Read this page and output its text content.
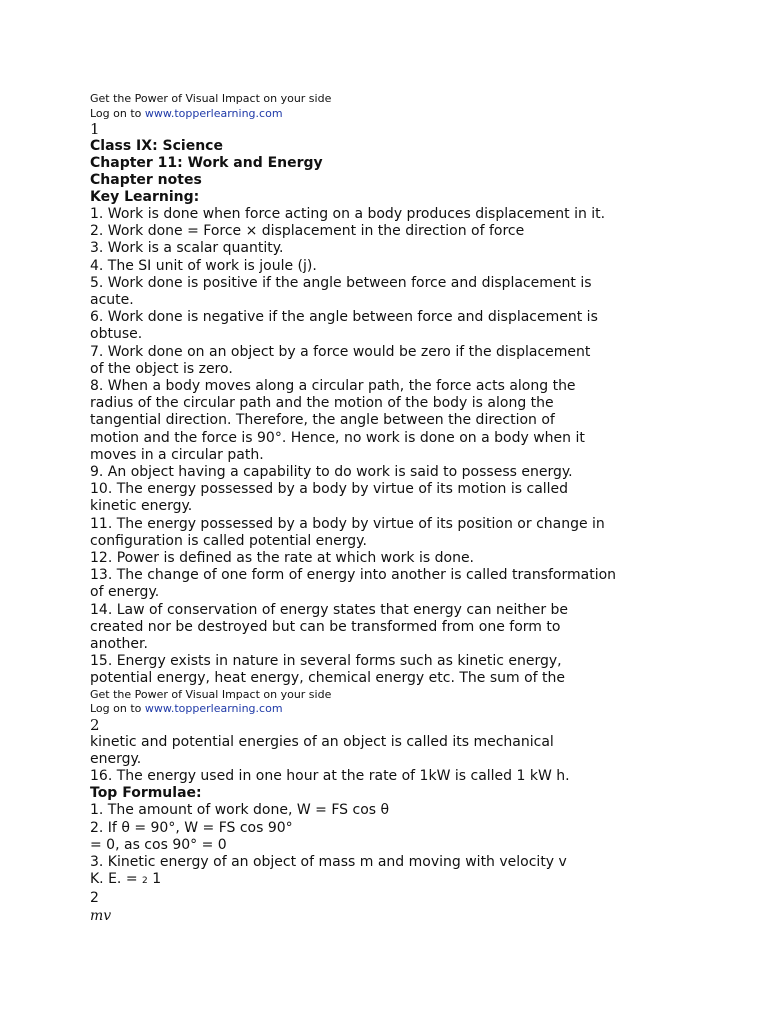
Get the Power of Visual Impact on your side
Log on to www.topperlearning.com
1
Class IX: Science
Chapter 11: Work and Energy
Chapter notes
Key Learning:
1. Work is done when force acting on a body produces displacement in it.
2. Work done = Force × displacement in the direction of force
3. Work is a scalar quantity.
4. The SI unit of work is joule (j).
5. Work done is positive if the angle between force and displacement is
acute.
6. Work done is negative if the angle between force and displacement is
obtuse.
7. Work done on an object by a force would be zero if the displacement
of the object is zero.
8. When a body moves along a circular path, the force acts along the
radius of the circular path and the motion of the body is along the
tangential direction. Therefore, the angle between the direction of
motion and the force is 90°. Hence, no work is done on a body when it
moves in a circular path.
9. An object having a capability to do work is said to possess energy.
10. The energy possessed by a body by virtue of its motion is called
kinetic energy.
11. The energy possessed by a body by virtue of its position or change in
configuration is called potential energy.
12. Power is defined as the rate at which work is done.
13. The change of one form of energy into another is called transformation
of energy.
14. Law of conservation of energy states that energy can neither be
created nor be destroyed but can be transformed from one form to
another.
15. Energy exists in nature in several forms such as kinetic energy,
potential energy, heat energy, chemical energy etc. The sum of the
Get the Power of Visual Impact on your side
Log on to www.topperlearning.com
2
kinetic and potential energies of an object is called its mechanical
energy.
16. The energy used in one hour at the rate of 1kW is called 1 kW h.
Top Formulae:
1. The amount of work done, W = FS cos θ
2. If θ = 90°, W = FS cos 90°
= 0, as cos 90° = 0
3. Kinetic energy of an object of mass m and moving with velocity v
K. E. = 2 1
2
mv
